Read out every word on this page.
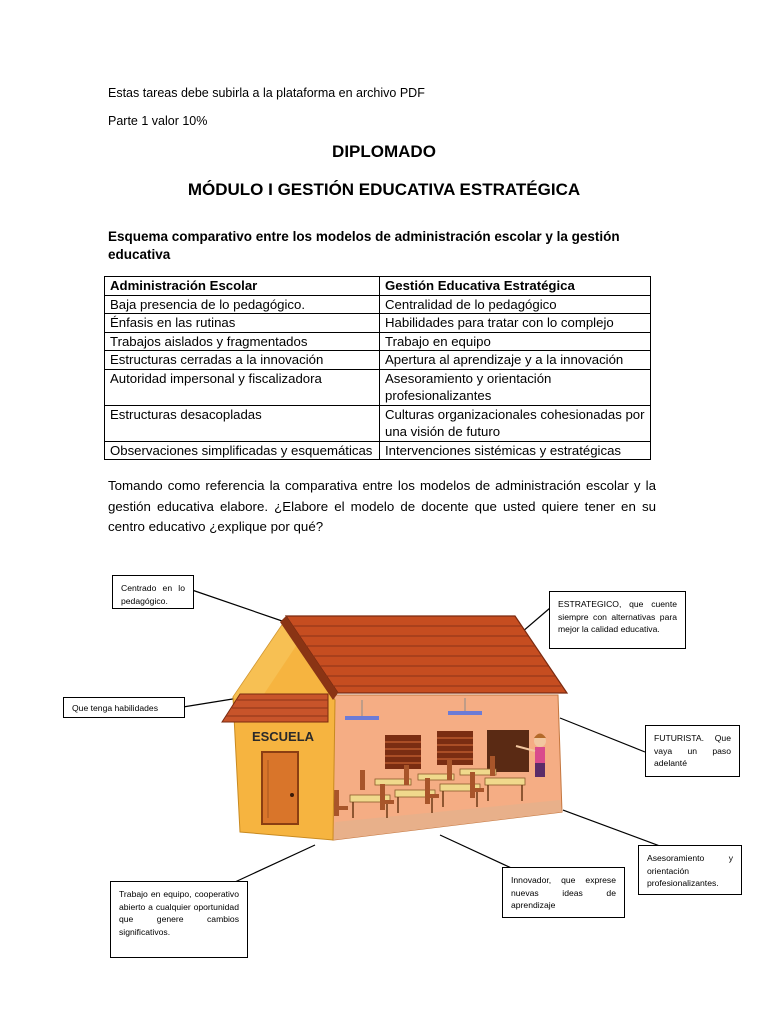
Estas tareas debe subirla a la plataforma en archivo PDF
Parte 1 valor 10%
DIPLOMADO
MÓDULO I GESTIÓN EDUCATIVA ESTRATÉGICA
Esquema comparativo entre los modelos de administración escolar y la gestión educativa
Administración Escolar	Gestión Educativa Estratégica
Baja presencia de lo pedagógico.	Centralidad de lo pedagógico
Énfasis en las rutinas	Habilidades para tratar con lo complejo
Trabajos aislados y fragmentados	Trabajo en equipo
Estructuras cerradas a la innovación	Apertura al aprendizaje y a la innovación
Autoridad impersonal y fiscalizadora	Asesoramiento y orientación profesionalizantes
Estructuras desacopladas	Culturas organizacionales cohesionadas por una visión de futuro
Observaciones simplificadas y esquemáticas	Intervenciones sistémicas y estratégicas
Tomando como referencia la comparativa entre los modelos de administración escolar y la gestión educativa elabore. ¿Elabore el modelo de docente que usted quiere tener en su centro educativo ¿explique por qué?
ESCUELA
Centrado en lo pedagógico.	ESTRATEGICO, que cuente siempre con alternativas para mejor la calidad educativa.
Que tenga habilidades
FUTURISTA. Que vaya un paso adelanté
Asesoramiento y orientación profesionalizantes.
Innovador, que exprese nuevas ideas de aprendizaje
Trabajo en equipo, cooperativo abierto a cualquier oportunidad que genere cambios significativos.
